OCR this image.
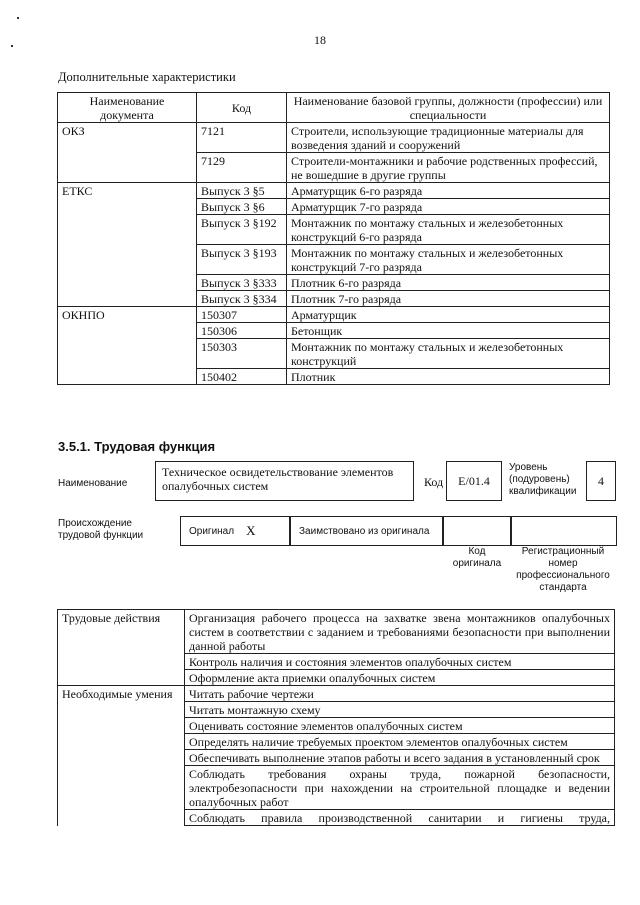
18
Дополнительные характеристики
Наименование документа	Код	Наименование базовой группы, должности (профессии) или специальности
ОКЗ	7121	Строители, использующие традиционные материалы для возведения зданий и сооружений
	7129	Строители-монтажники и рабочие родственных профессий, не вошедшие в другие группы
ЕТКС	Выпуск 3 §5	Арматурщик 6-го разряда
	Выпуск 3 §6	Арматурщик 7-го разряда
	Выпуск 3 §192	Монтажник по монтажу стальных и железобетонных конструкций 6-го разряда
	Выпуск 3 §193	Монтажник по монтажу стальных и железобетонных конструкций 7-го разряда
	Выпуск 3 §333	Плотник 6-го разряда
	Выпуск 3 §334	Плотник 7-го разряда
ОКНПО	150307	Арматурщик
	150306	Бетонщик
	150303	Монтажник по монтажу стальных и железобетонных конструкций
	150402	Плотник
3.5.1. Трудовая функция
Наименование
Техническое освидетельствование элементов опалубочных систем	Код	Е/01.4
Уровень (подуровень) квалификации
4
Происхождение трудовой функции	Оригинал X	Заимствовано из оригинала
Код оригинала
Регистрационный номер профессионального стандарта
Трудовые действия	Организация рабочего процесса на захватке звена монтажников опалубочных систем в соответствии с заданием и требованиями безопасности при выполнении данной работы
	Контроль наличия и состояния элементов опалубочных систем
	Оформление акта приемки опалубочных систем
Необходимые умения	Читать рабочие чертежи
	Читать монтажную схему
	Оценивать состояние элементов опалубочных систем
	Определять наличие требуемых проектом элементов опалубочных систем
	Обеспечивать выполнение этапов работы и всего задания в установленный срок
	Соблюдать требования охраны труда, пожарной безопасности, электробезопасности при нахождении на строительной площадке и ведении опалубочных работ
	Соблюдать правила производственной санитарии и гигиены труда,
